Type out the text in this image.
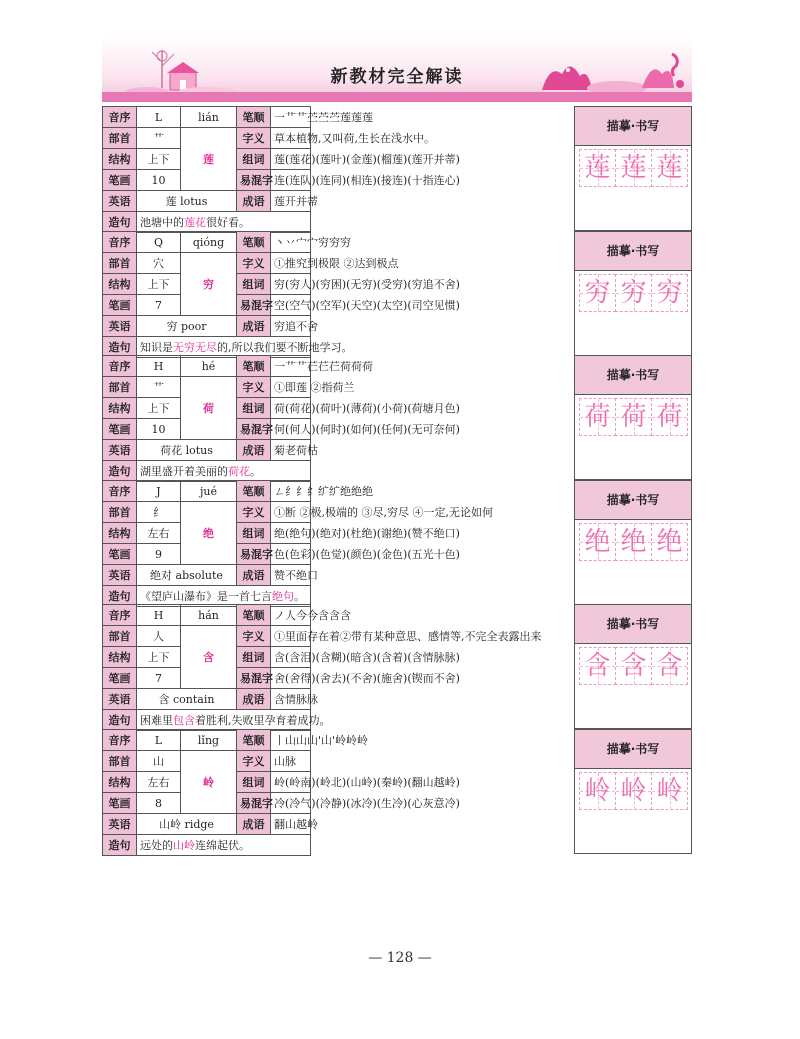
新教材完全解读
音序	L	lián	笔顺	一艹艹苎苎苎莲莲莲
部首	艹	莲	字义	草本植物,又叫荷,生长在浅水中。
结构	上下		组词	莲(莲花)(莲叶)(金莲)(榴莲)(莲开并蒂)
笔画	10		易混字	连(连队)(连同)(相连)(接连)(十指连心)
英语	莲 lotus		成语	莲开并蒂
造句	池塘中的莲花很好看。			
描摹·书写
莲 莲 莲
音序	Q	qióng	笔顺	丶丷宀宀穷穷穷
部首	穴	穷	字义	①推究到极限 ②达到极点
结构	上下		组词	穷(穷人)(穷困)(无穷)(受穷)(穷追不舍)
笔画	7		易混字	空(空气)(空军)(天空)(太空)(司空见惯)
英语	穷 poor		成语	穷追不舍
造句	知识是无穷无尽的,所以我们要不断地学习。			
描摹·书写
穷 穷 穷
音序	H	hé	笔顺	一艹艹芢芢芢荷荷荷
部首	艹	荷	字义	①即莲 ②指荷兰
结构	上下		组词	荷(荷花)(荷叶)(薄荷)(小荷)(荷塘月色)
笔画	10		易混字	何(何人)(何时)(如何)(任何)(无可奈何)
英语	荷花 lotus		成语	菊老荷枯
造句	湖里盛开着美丽的荷花。			
描摹·书写
荷 荷 荷
音序	J	jué	笔顺	ㄥ纟纟纟纩纩绝绝绝
部首	纟	绝	字义	①断 ②极,极端的 ③尽,穷尽 ④一定,无论如何
结构	左右		组词	绝(绝句)(绝对)(杜绝)(谢绝)(赞不绝口)
笔画	9		易混字	色(色彩)(色觉)(颜色)(金色)(五光十色)
英语	绝对 absolute		成语	赞不绝口
造句	《望庐山瀑布》是一首七言绝句。			
描摹·书写
绝 绝 绝
音序	H	hán	笔顺	ノ人今今含含含
部首	人	含	字义	①里面存在着②带有某种意思、感情等,不完全表露出来
结构	上下		组词	含(含泪)(含糊)(暗含)(含着)(含情脉脉)
笔画	7		易混字	舍(舍得)(舍去)(不舍)(施舍)(锲而不舍)
英语	含 contain		成语	含情脉脉
造句	困难里包含着胜利,失败里孕育着成功。			
描摹·书写
含 含 含
音序	L	lǐng	笔顺	丨山山山'山'岭岭岭
部首	山	岭	字义	山脉
结构	左右		组词	岭(岭南)(岭北)(山岭)(秦岭)(翻山越岭)
笔画	8		易混字	冷(冷气)(冷静)(冰冷)(生冷)(心灰意冷)
英语	山岭 ridge		成语	翻山越岭
造句	远处的山岭连绵起伏。			
描摹·书写
岭 岭 岭
— 128 —
